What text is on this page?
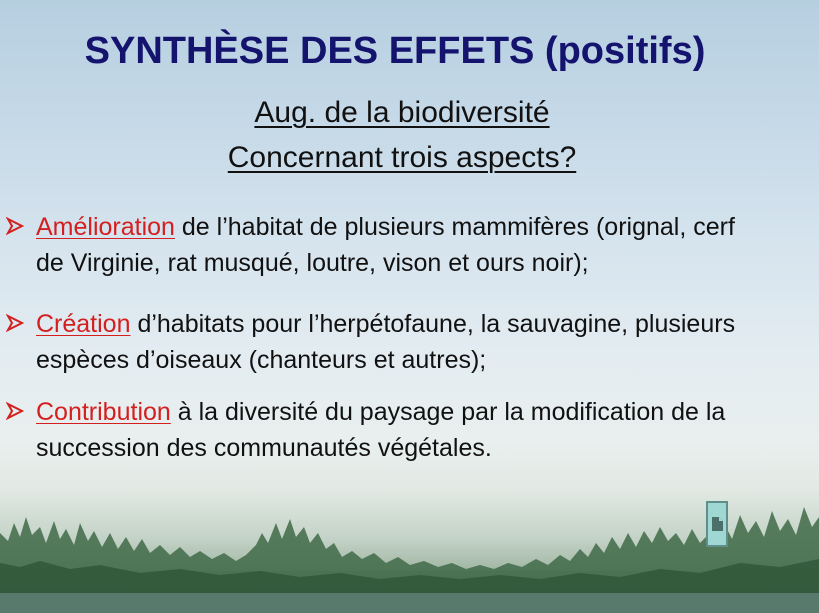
SYNTHÈSE DES EFFETS (positifs)
Aug. de la biodiversité
Concernant trois aspects?
Amélioration de l’habitat de plusieurs mammifères (orignal, cerf
de Virginie, rat musqué, loutre, vison et ours noir);
Création d’habitats pour l’herpétofaune, la sauvagine, plusieurs
espèces d’oiseaux (chanteurs et autres);
Contribution à la diversité du paysage par la modification de la
succession des communautés végétales.
